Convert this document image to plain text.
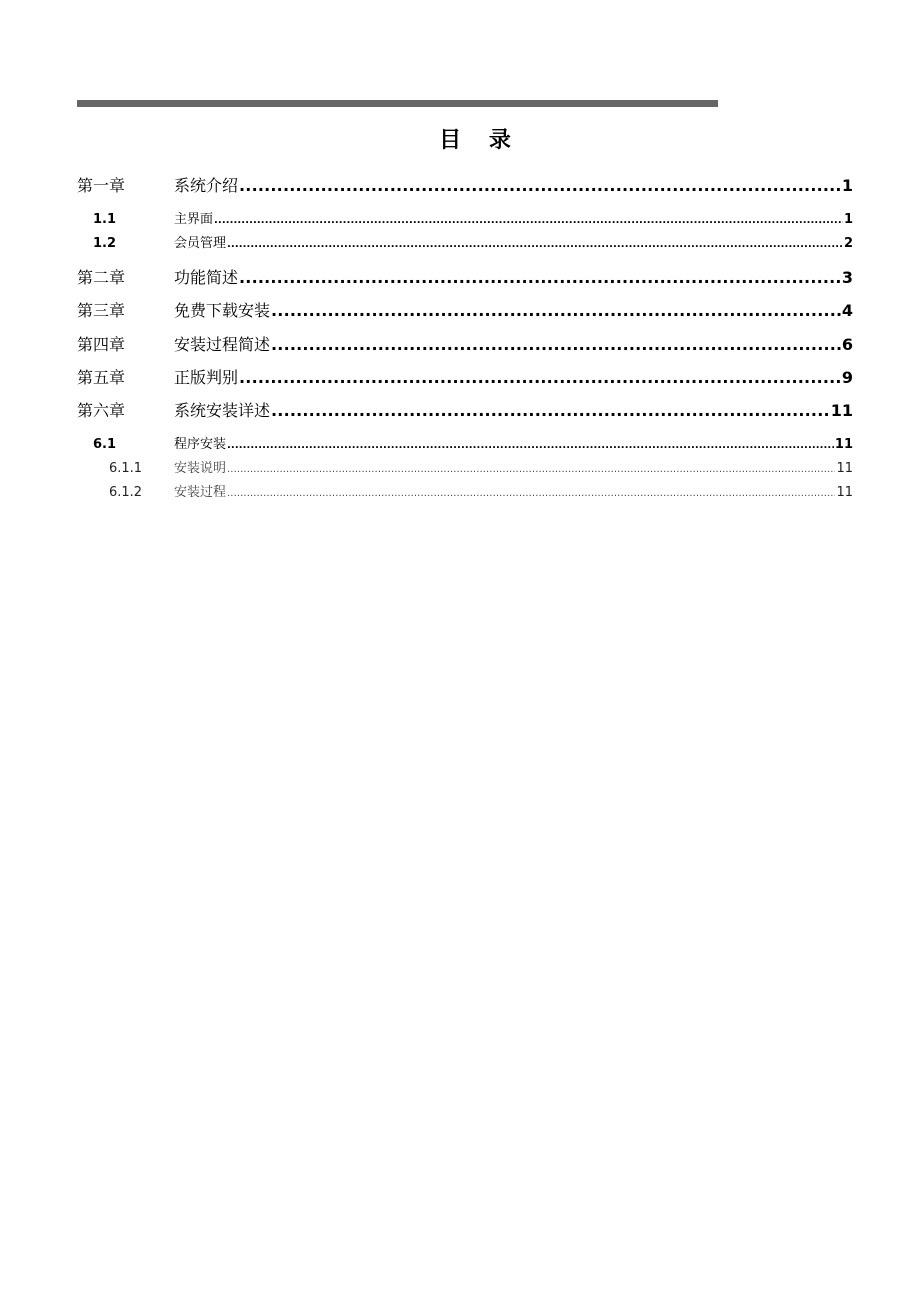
目 录
第一章	系统介绍 .....	1
1.1	主界面 .....	1
1.2	会员管理 .....	2
第二章	功能简述 .....	3
第三章	免费下载安装 .....	4
第四章	安装过程简述 .....	6
第五章	正版判别 .....	9
第六章	系统安装详述 .....	11
6.1	程序安装 .....	11
6.1.1	安装说明 .....	11
6.1.2	安装过程 .....	11
